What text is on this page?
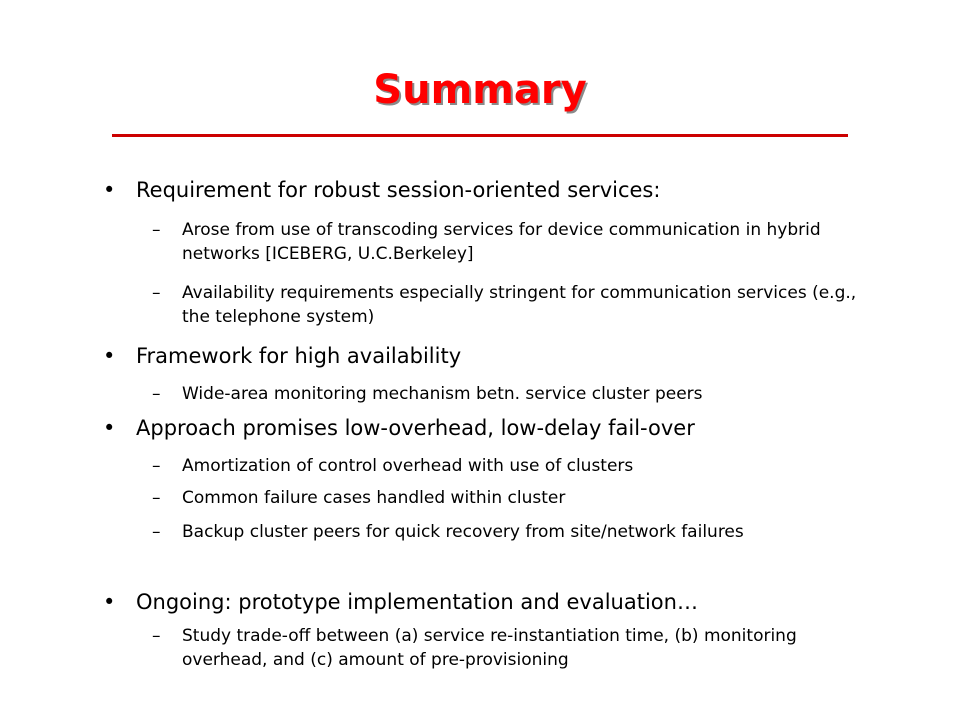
Summary
• Requirement for robust session-oriented services:
– Arose from use of transcoding services for device communication in hybrid networks [ICEBERG, U.C.Berkeley]
– Availability requirements especially stringent for communication services (e.g., the telephone system)
• Framework for high availability
– Wide-area monitoring mechanism betn. service cluster peers
• Approach promises low-overhead, low-delay fail-over
– Amortization of control overhead with use of clusters
– Common failure cases handled within cluster
– Backup cluster peers for quick recovery from site/network failures
• Ongoing: prototype implementation and evaluation…
– Study trade-off between (a) service re-instantiation time, (b) monitoring overhead, and (c) amount of pre-provisioning
